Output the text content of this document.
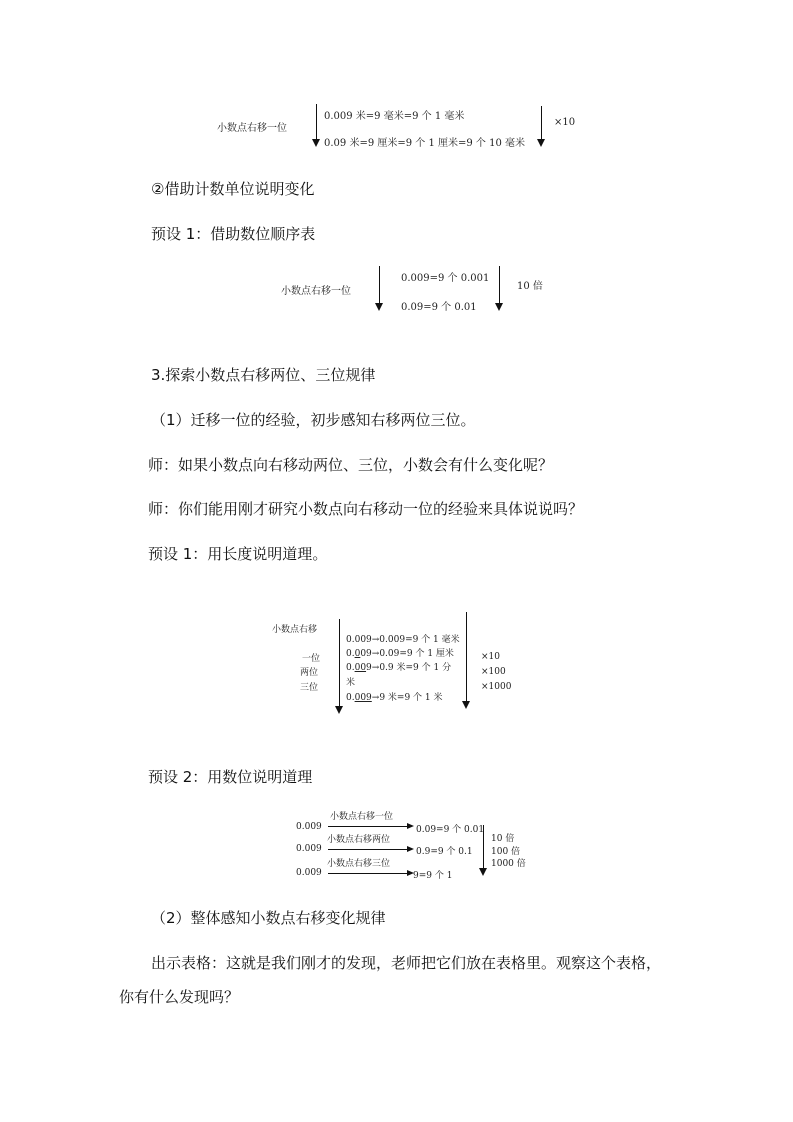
小数点右移一位
0.009 米=9 毫米=9 个 1 毫米
0.09 米=9 厘米=9 个 1 厘米=9 个 10 毫米
×10
②借助计数单位说明变化
预设 1：借助数位顺序表
小数点右移一位
0.009=9 个 0.001
0.09=9 个 0.01
10 倍
3.探索小数点右移两位、三位规律
（1）迁移一位的经验，初步感知右移两位三位。
师：如果小数点向右移动两位、三位，小数会有什么变化呢？
师：你们能用刚才研究小数点向右移动一位的经验来具体说说吗？
预设 1：用长度说明道理。
小数点右移
一位
两位
三位
0.009→0.009=9 个 1 毫米
0.009→0.09=9 个 1 厘米
0.009→0.9 米=9 个 1 分
米
0.009→9 米=9 个 1 米
×10
×100
×1000
预设 2：用数位说明道理
0.009
小数点右移一位
0.09=9 个 0.01
0.009
小数点右移两位
0.9=9 个 0.1
0.009
小数点右移三位
9=9 个 1
10 倍
100 倍
1000 倍
（2）整体感知小数点右移变化规律
出示表格：这就是我们刚才的发现，老师把它们放在表格里。观察这个表格，
你有什么发现吗？
